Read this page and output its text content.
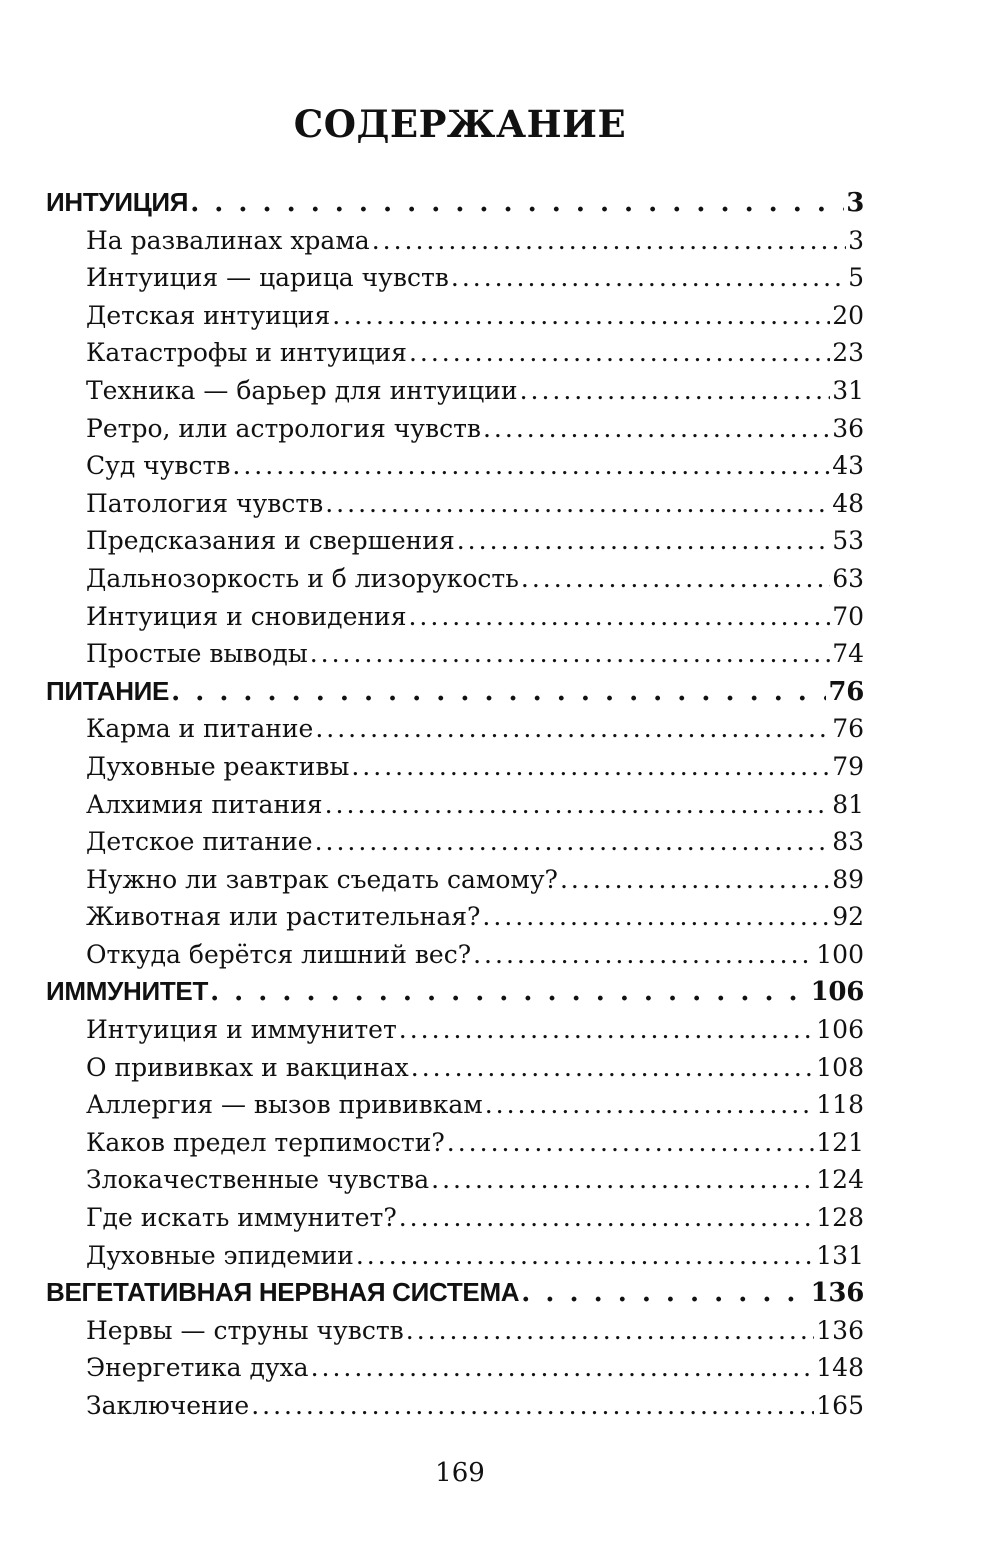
СОДЕРЖАНИЕ
ИНТУИЦИЯ . . .	3
На развалинах храма .....	3
Интуиция — царица чувств .....	5
Детская интуиция .....	20
Катастрофы и интуиция .....	23
Техника — барьер для интуиции .....	31
Ретро, или астрология чувств .....	36
Суд чувств .....	43
Патология чувств .....	48
Предсказания и свершения .....	53
Дальнозоркость и б лизорукость .....	63
Интуиция и сновидения .....	70
Простые выводы .....	74
ПИТАНИЕ . . .	76
Карма и питание .....	76
Духовные реактивы .....	79
Алхимия питания .....	81
Детское питание .....	83
Нужно ли завтрак съедать самому? .....	89
Животная или растительная? .....	92
Откуда берётся лишний вес? .....	100
ИММУНИТЕТ . . .	106
Интуиция и иммунитет .....	106
О прививках и вакцинах .....	108
Аллергия — вызов прививкам .....	118
Каков предел терпимости? .....	121
Злокачественные чувства .....	124
Где искать иммунитет? .....	128
Духовные эпидемии .....	131
ВЕГЕТАТИВНАЯ НЕРВНАЯ СИСТЕМА . . .	136
Нервы — струны чувств .....	136
Энергетика духа .....	148
Заключение .....	165
169
